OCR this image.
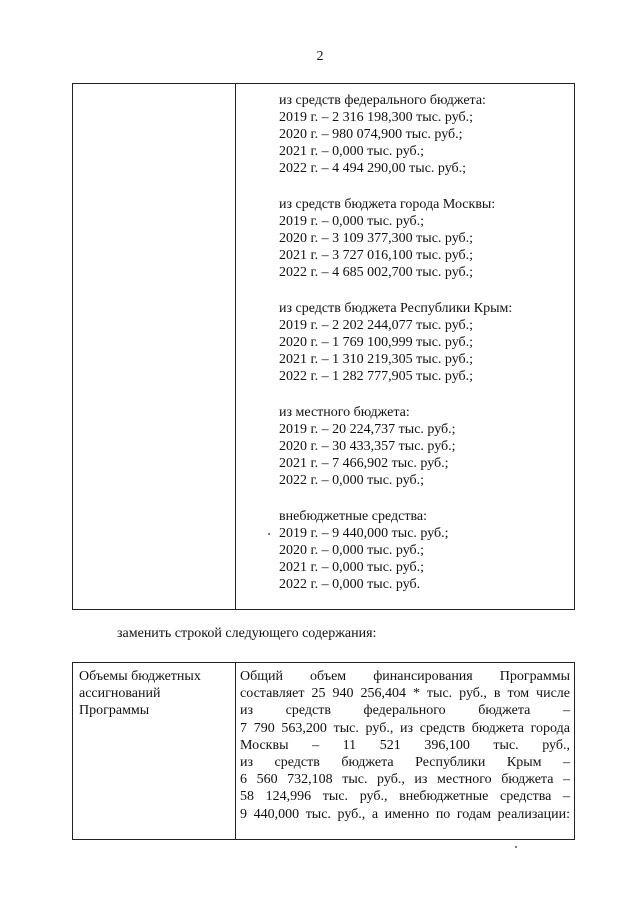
2
из средств федерального бюджета:
2019 г. – 2 316 198,300 тыс. руб.;
2020 г. – 980 074,900 тыс. руб.;
2021 г. – 0,000 тыс. руб.;
2022 г. – 4 494 290,00 тыс. руб.;
из средств бюджета города Москвы:
2019 г. – 0,000 тыс. руб.;
2020 г. – 3 109 377,300 тыс. руб.;
2021 г. – 3 727 016,100 тыс. руб.;
2022 г. – 4 685 002,700 тыс. руб.;
из средств бюджета Республики Крым:
2019 г. – 2 202 244,077 тыс. руб.;
2020 г. – 1 769 100,999 тыс. руб.;
2021 г. – 1 310 219,305 тыс. руб.;
2022 г. – 1 282 777,905 тыс. руб.;
из местного бюджета:
2019 г. – 20 224,737 тыс. руб.;
2020 г. – 30 433,357 тыс. руб.;
2021 г. – 7 466,902 тыс. руб.;
2022 г. – 0,000 тыс. руб.;
внебюджетные средства:
2019 г. – 9 440,000 тыс. руб.;
2020 г. – 0,000 тыс. руб.;
2021 г. – 0,000 тыс. руб.;
2022 г. – 0,000 тыс. руб.
заменить строкой следующего содержания:
Объемы бюджетных
ассигнований
Программы
Общий объем финансирования Программы
составляет 25 940 256,404 * тыс. руб., в том числе
из средств федерального бюджета –
7 790 563,200 тыс. руб., из средств бюджета города
Москвы – 11 521 396,100 тыс. руб.,
из средств бюджета Республики Крым –
6 560 732,108 тыс. руб., из местного бюджета –
58 124,996 тыс. руб., внебюджетные средства –
9 440,000 тыс. руб., а именно по годам реализации:
